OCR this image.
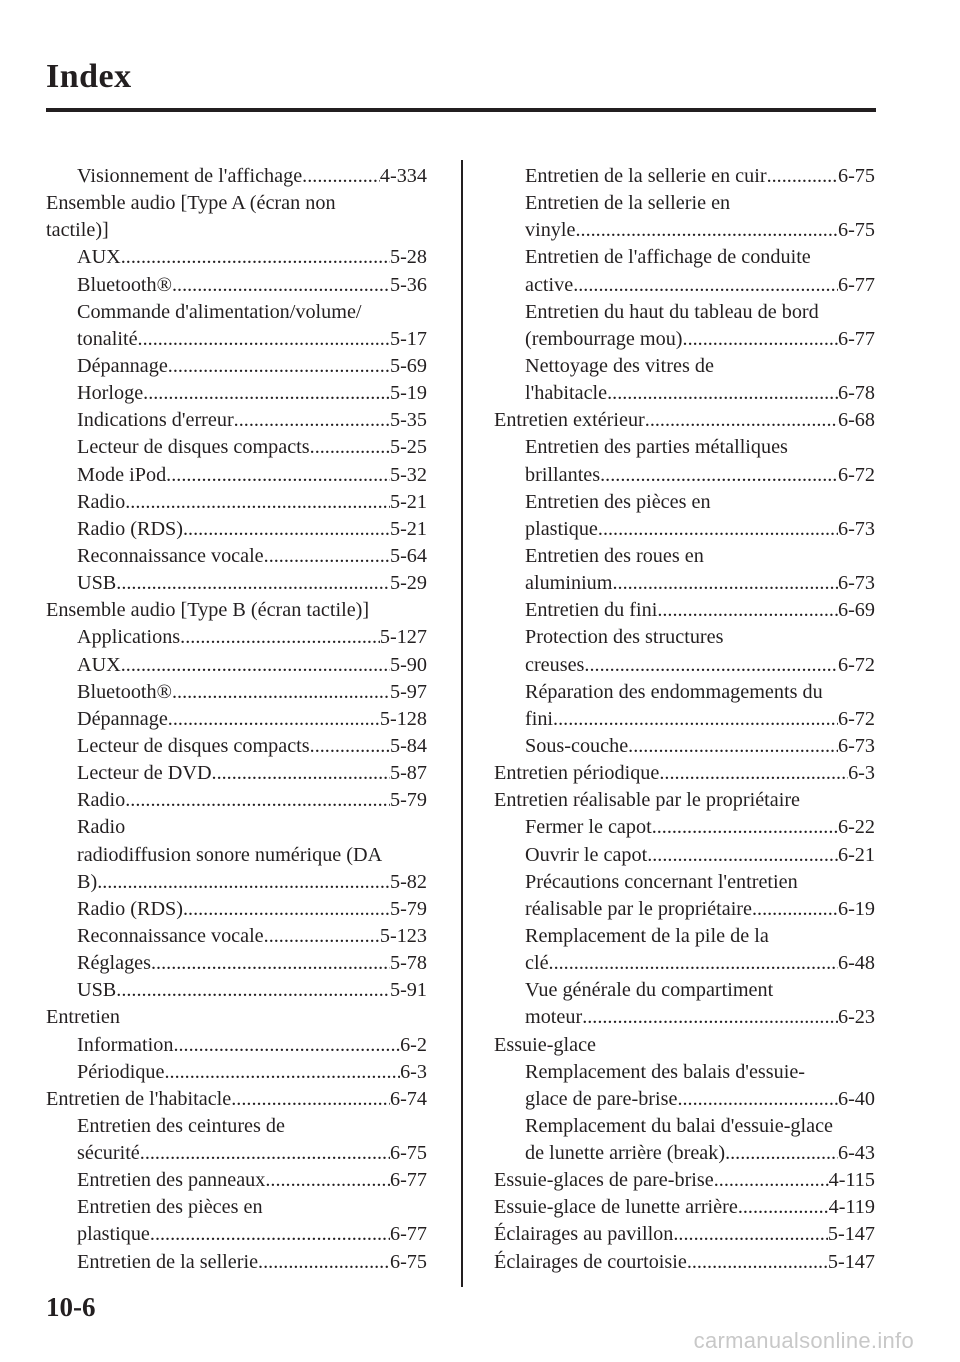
Index
Visionnement de l'affichage .....	4-334
Ensemble audio [Type A (écran non
tactile)]
AUX .....	5-28
Bluetooth® .....	5-36
Commande d'alimentation/volume/
tonalité .....	5-17
Dépannage .....	5-69
Horloge .....	5-19
Indications d'erreur .....	5-35
Lecteur de disques compacts .....	5-25
Mode iPod .....	5-32
Radio .....	5-21
Radio (RDS) .....	5-21
Reconnaissance vocale .....	5-64
USB .....	5-29
Ensemble audio [Type B (écran tactile)]
Applications .....	5-127
AUX .....	5-90
Bluetooth® .....	5-97
Dépannage .....	5-128
Lecteur de disques compacts .....	5-84
Lecteur de DVD .....	5-87
Radio .....	5-79
Radio
radiodiffusion sonore numérique (DA
B) .....	5-82
Radio (RDS) .....	5-79
Reconnaissance vocale .....	5-123
Réglages .....	5-78
USB .....	5-91
Entretien
Information .....	6-2
Périodique .....	6-3
Entretien de l'habitacle .....	6-74
Entretien des ceintures de
sécurité .....	6-75
Entretien des panneaux .....	6-77
Entretien des pièces en
plastique .....	6-77
Entretien de la sellerie .....	6-75
Entretien de la sellerie en cuir .....	6-75
Entretien de la sellerie en
vinyle .....	6-75
Entretien de l'affichage de conduite
active .....	6-77
Entretien du haut du tableau de bord
(rembourrage mou) .....	6-77
Nettoyage des vitres de
l'habitacle .....	6-78
Entretien extérieur .....	6-68
Entretien des parties métalliques
brillantes .....	6-72
Entretien des pièces en
plastique .....	6-73
Entretien des roues en
aluminium .....	6-73
Entretien du fini .....	6-69
Protection des structures
creuses .....	6-72
Réparation des endommagements du
fini .....	6-72
Sous-couche .....	6-73
Entretien périodique .....	6-3
Entretien réalisable par le propriétaire
Fermer le capot .....	6-22
Ouvrir le capot .....	6-21
Précautions concernant l'entretien
réalisable par le propriétaire .....	6-19
Remplacement de la pile de la
clé .....	6-48
Vue générale du compartiment
moteur .....	6-23
Essuie-glace
Remplacement des balais d'essuie-
glace de pare-brise .....	6-40
Remplacement du balai d'essuie-glace
de lunette arrière (break) .....	6-43
Essuie-glaces de pare-brise .....	4-115
Essuie-glace de lunette arrière .....	4-119
Éclairages au pavillon .....	5-147
Éclairages de courtoisie .....	5-147
10-6
carmanualsonline.info
